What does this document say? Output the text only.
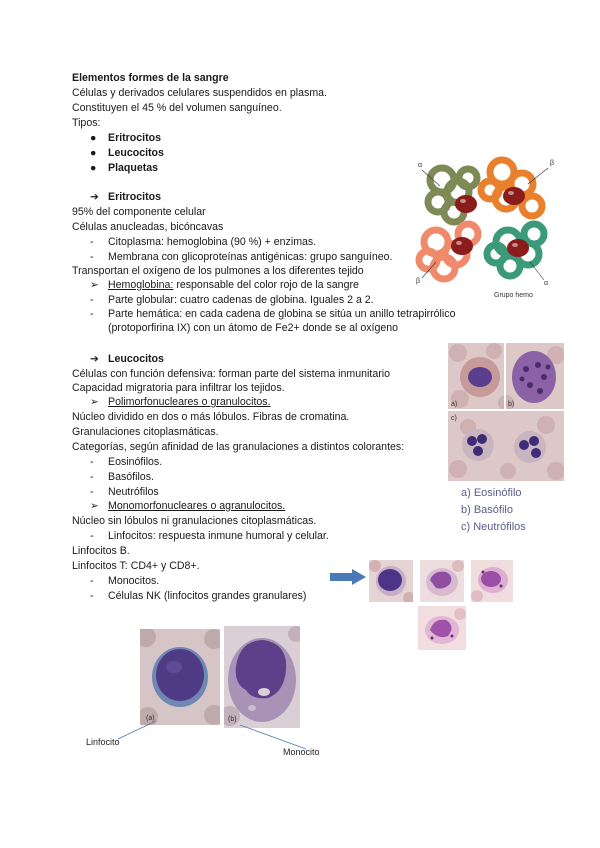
Elementos formes de la sangre
Células y derivados celulares suspendidos en plasma.
Constituyen el 45 % del volumen sanguíneo.
Tipos:
● Eritrocitos
● Leucocitos
● Plaquetas
➔ Eritrocitos
95% del componente celular
Células anucleadas, bicóncavas
- Citoplasma: hemoglobina (90 %) + enzimas.
- Membrana con glicoproteínas antigénicas: grupo sanguíneo.
Transportan el oxígeno de los pulmones a los diferentes tejido
➢ Hemoglobina: responsable del color rojo de la sangre
- Parte globular: cuatro cadenas de globina. Iguales 2 a 2.
- Parte hemática: en cada cadena de globina se sitúa un anillo tetrapirrólico
(protoporfirina IX) con un átomo de Fe2+ donde se al oxígeno
➔ Leucocitos
Células con función defensiva: forman parte del sistema inmunitario
Capacidad migratoria para infiltrar los tejidos.
➢ Polimorfonucleares o granulocitos.
Núcleo dividido en dos o más lóbulos. Fibras de cromatina.
Granulaciones citoplasmáticas.
Categorías, según afinidad de las granulaciones a distintos colorantes:
- Eosinófilos.
- Basófilos.
- Neutrófilos
➢ Monomorfonucleares o agranulocitos.
Núcleo sin lóbulos ni granulaciones citoplasmáticas.
- Linfocitos: respuesta inmune humoral y celular.
Linfocitos B.
Linfocitos T: CD4+ y CD8+.
- Monocitos.
- Células NK (linfocitos grandes granulares)
α	β
β	α
Grupo hemo
a)	b)
c)
a) Eosinófilo
b) Basófilo
c) Neutrófilos
(a)	(b)
Linfocito
Monocito
